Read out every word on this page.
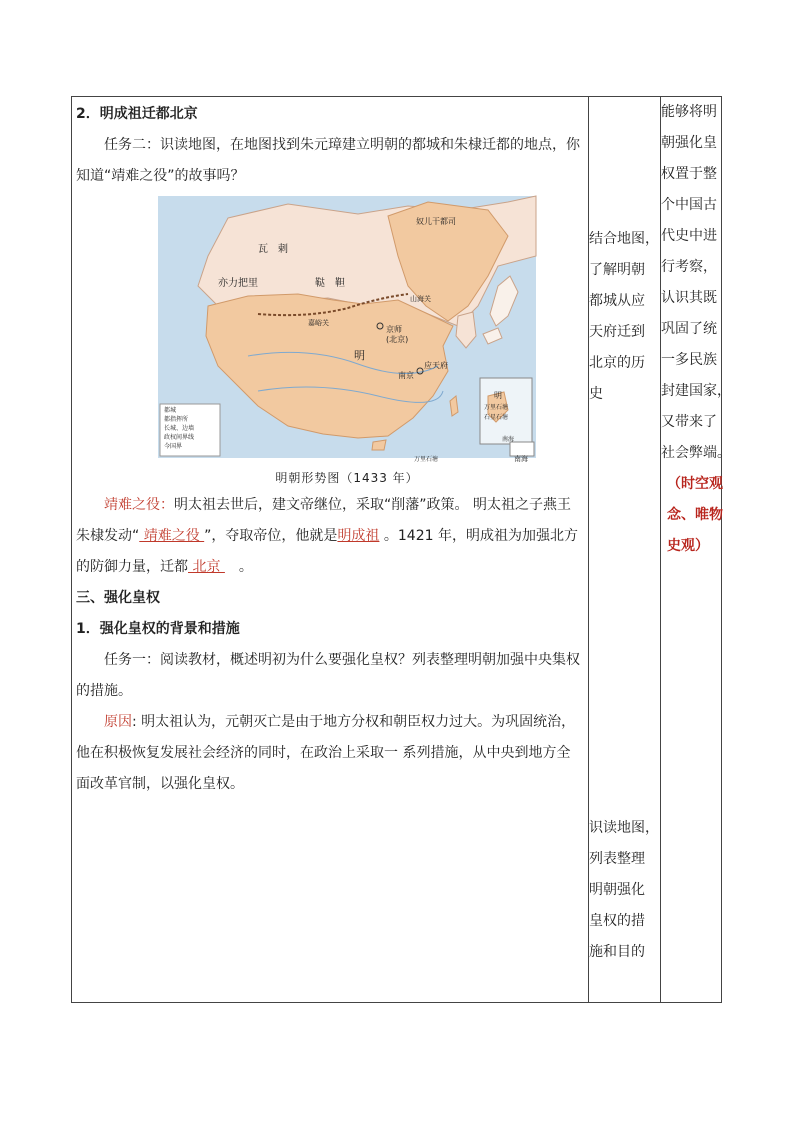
2．明成祖迁都北京

任务二：识读地图，在地图找到朱元璋建立明朝的都城和朱棣迁都的地点，你知道“靖难之役”的故事吗？

奴儿干都司
瓦　剌
鞑　靼
亦力把里
明
京师
(北京)
南京
应天府
嘉峪关
山海关
明
万里石塘
石星石塘
南海
万里石塘	南海
都城
都指挥所
长城、边墙
政权间界线
今国界
明朝形势图（1433 年）

靖难之役：明太祖去世后，建文帝继位，采取“削藩”政策。 明太祖之子燕王朱棣发动“ 靖难之役 ”，夺取帝位，他就是明成祖 。1421 年，明成祖为加强北方的防御力量，迁都 北京 　。

三、强化皇权

1．强化皇权的背景和措施

任务一：阅读教材，概述明初为什么要强化皇权？列表整理明朝加强中央集权的措施。

原因: 明太祖认为，元朝灭亡是由于地方分权和朝臣权力过大。为巩固统治，他在积极恢复发展社会经济的同时，在政治上采取一 系列措施，从中央到地方全面改革官制，以强化皇权。

结合地图，
了解明朝
都城从应
天府迁到
北京的历
史
识读地图，
列表整理
明朝强化
皇权的措
施和目的
能够将明
朝强化皇
权置于整
个中国古
代史中进
行考察，
认识其既
巩固了统
一多民族
封建国家，
又带来了
社会弊端。
（时空观
念、唯物
史观）
